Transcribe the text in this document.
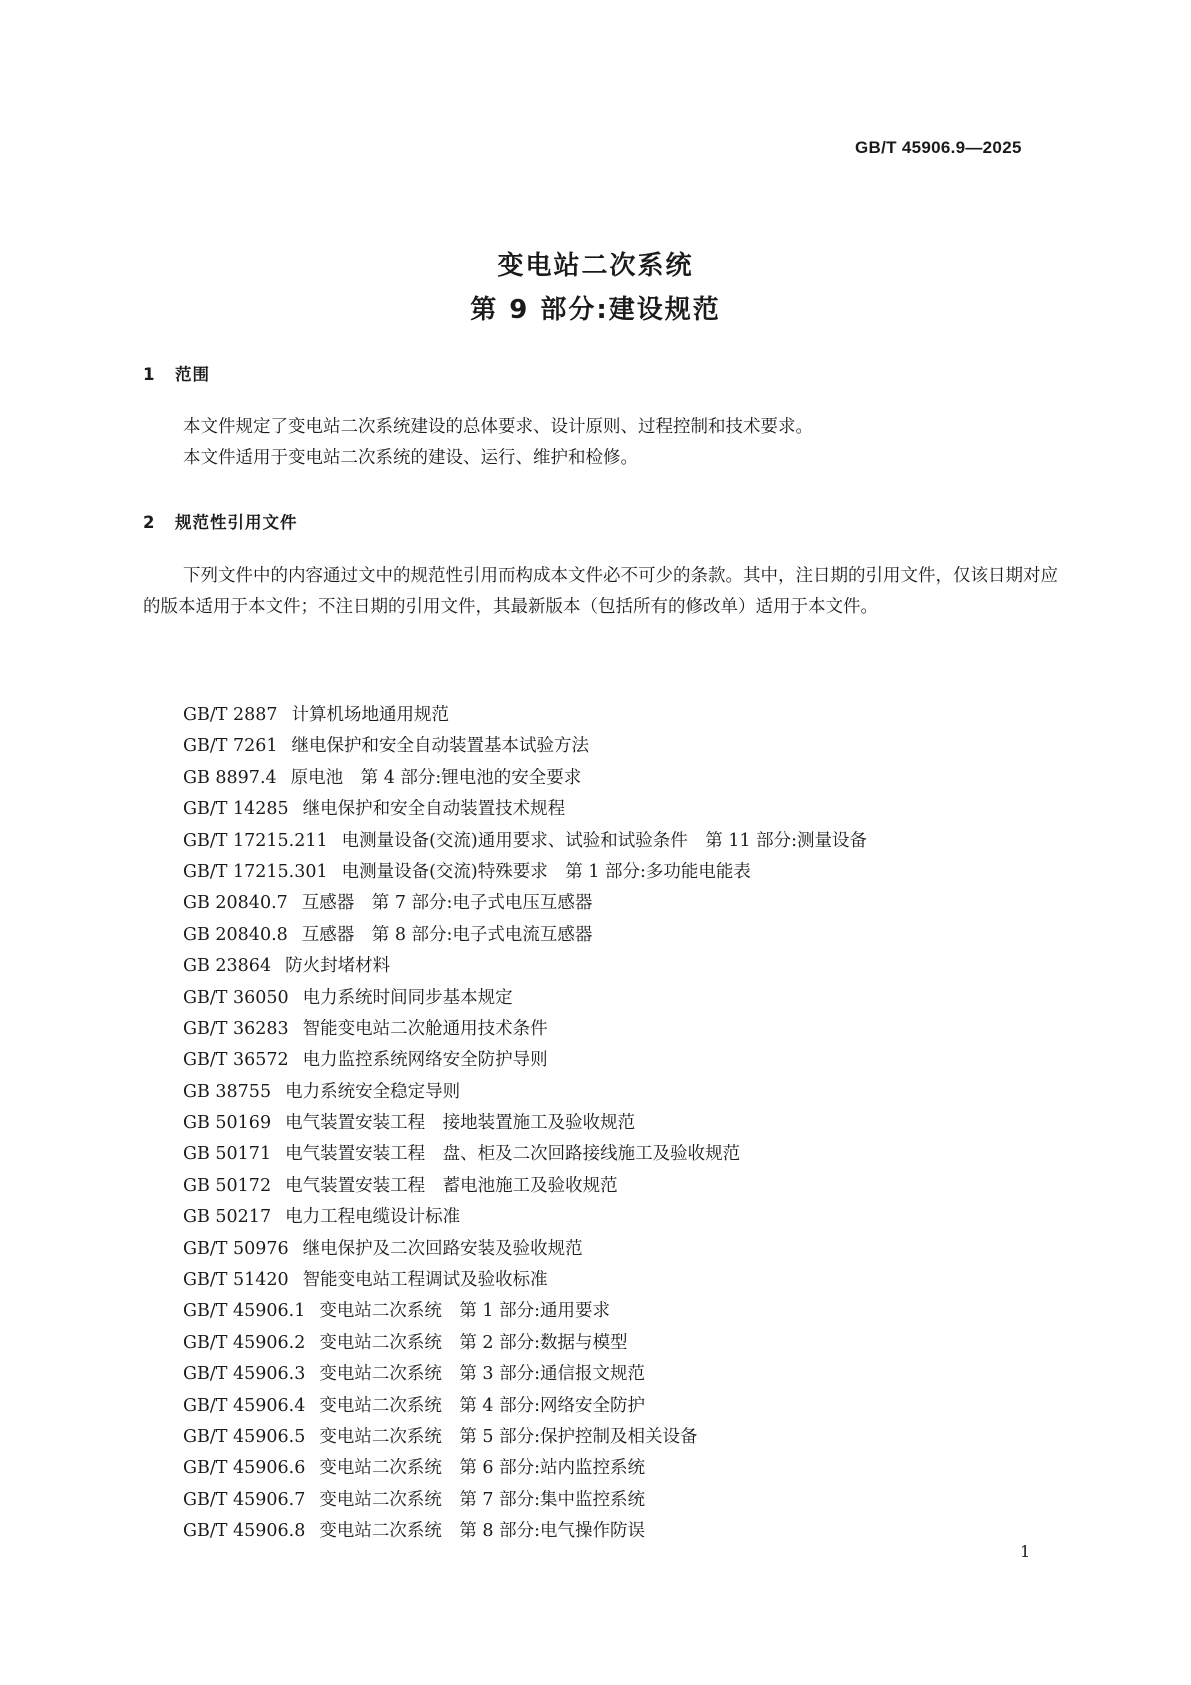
GB/T 45906.9—2025
变电站二次系统
第 9 部分:建设规范
1 范围
本文件规定了变电站二次系统建设的总体要求、设计原则、过程控制和技术要求。
本文件适用于变电站二次系统的建设、运行、维护和检修。
2 规范性引用文件
下列文件中的内容通过文中的规范性引用而构成本文件必不可少的条款。其中，注日期的引用文件，仅该日期对应的版本适用于本文件；不注日期的引用文件，其最新版本（包括所有的修改单）适用于本文件。
GB/T 2887 计算机场地通用规范
GB/T 7261 继电保护和安全自动装置基本试验方法
GB 8897.4 原电池　第 4 部分:锂电池的安全要求
GB/T 14285 继电保护和安全自动装置技术规程
GB/T 17215.211 电测量设备(交流)通用要求、试验和试验条件　第 11 部分:测量设备
GB/T 17215.301 电测量设备(交流)特殊要求　第 1 部分:多功能电能表
GB 20840.7 互感器　第 7 部分:电子式电压互感器
GB 20840.8 互感器　第 8 部分:电子式电流互感器
GB 23864 防火封堵材料
GB/T 36050 电力系统时间同步基本规定
GB/T 36283 智能变电站二次舱通用技术条件
GB/T 36572 电力监控系统网络安全防护导则
GB 38755 电力系统安全稳定导则
GB 50169 电气装置安装工程　接地装置施工及验收规范
GB 50171 电气装置安装工程　盘、柜及二次回路接线施工及验收规范
GB 50172 电气装置安装工程　蓄电池施工及验收规范
GB 50217 电力工程电缆设计标准
GB/T 50976 继电保护及二次回路安装及验收规范
GB/T 51420 智能变电站工程调试及验收标准
GB/T 45906.1 变电站二次系统　第 1 部分:通用要求
GB/T 45906.2 变电站二次系统　第 2 部分:数据与模型
GB/T 45906.3 变电站二次系统　第 3 部分:通信报文规范
GB/T 45906.4 变电站二次系统　第 4 部分:网络安全防护
GB/T 45906.5 变电站二次系统　第 5 部分:保护控制及相关设备
GB/T 45906.6 变电站二次系统　第 6 部分:站内监控系统
GB/T 45906.7 变电站二次系统　第 7 部分:集中监控系统
GB/T 45906.8 变电站二次系统　第 8 部分:电气操作防误
1
